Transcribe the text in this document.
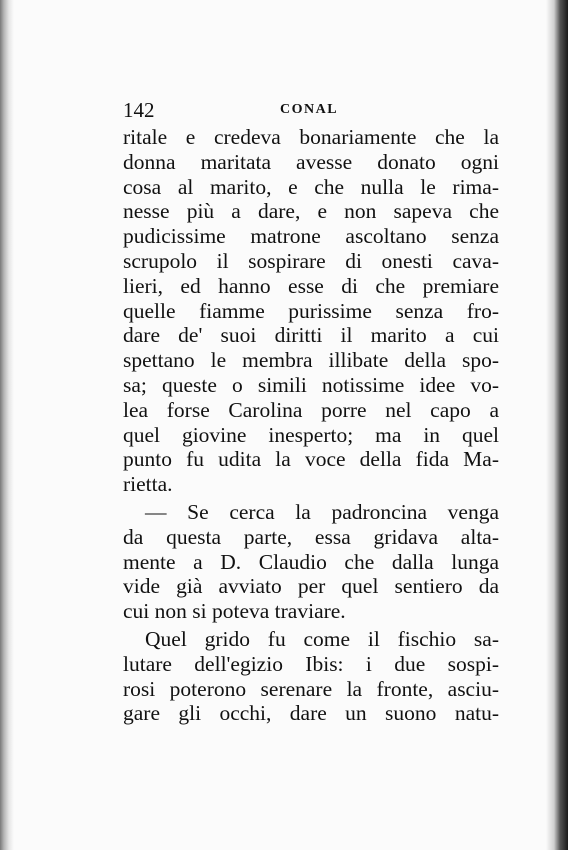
142	CONAL
ritale e credeva bonariamente che la
donna maritata avesse donato ogni
cosa al marito, e che nulla le rima-
nesse più a dare, e non sapeva che
pudicissime matrone ascoltano senza
scrupolo il sospirare di onesti cava-
lieri, ed hanno esse di che premiare
quelle fiamme purissime senza fro-
dare de' suoi diritti il marito a cui
spettano le membra illibate della spo-
sa; queste o simili notissime idee vo-
lea forse Carolina porre nel capo a
quel giovine inesperto; ma in quel
punto fu udita la voce della fida Ma-
rietta.
— Se cerca la padroncina venga
da questa parte, essa gridava alta-
mente a D. Claudio che dalla lunga
vide già avviato per quel sentiero da
cui non si poteva traviare.
Quel grido fu come il fischio sa-
lutare dell'egizio Ibis: i due sospi-
rosi poterono serenare la fronte, asciu-
gare gli occhi, dare un suono natu-
